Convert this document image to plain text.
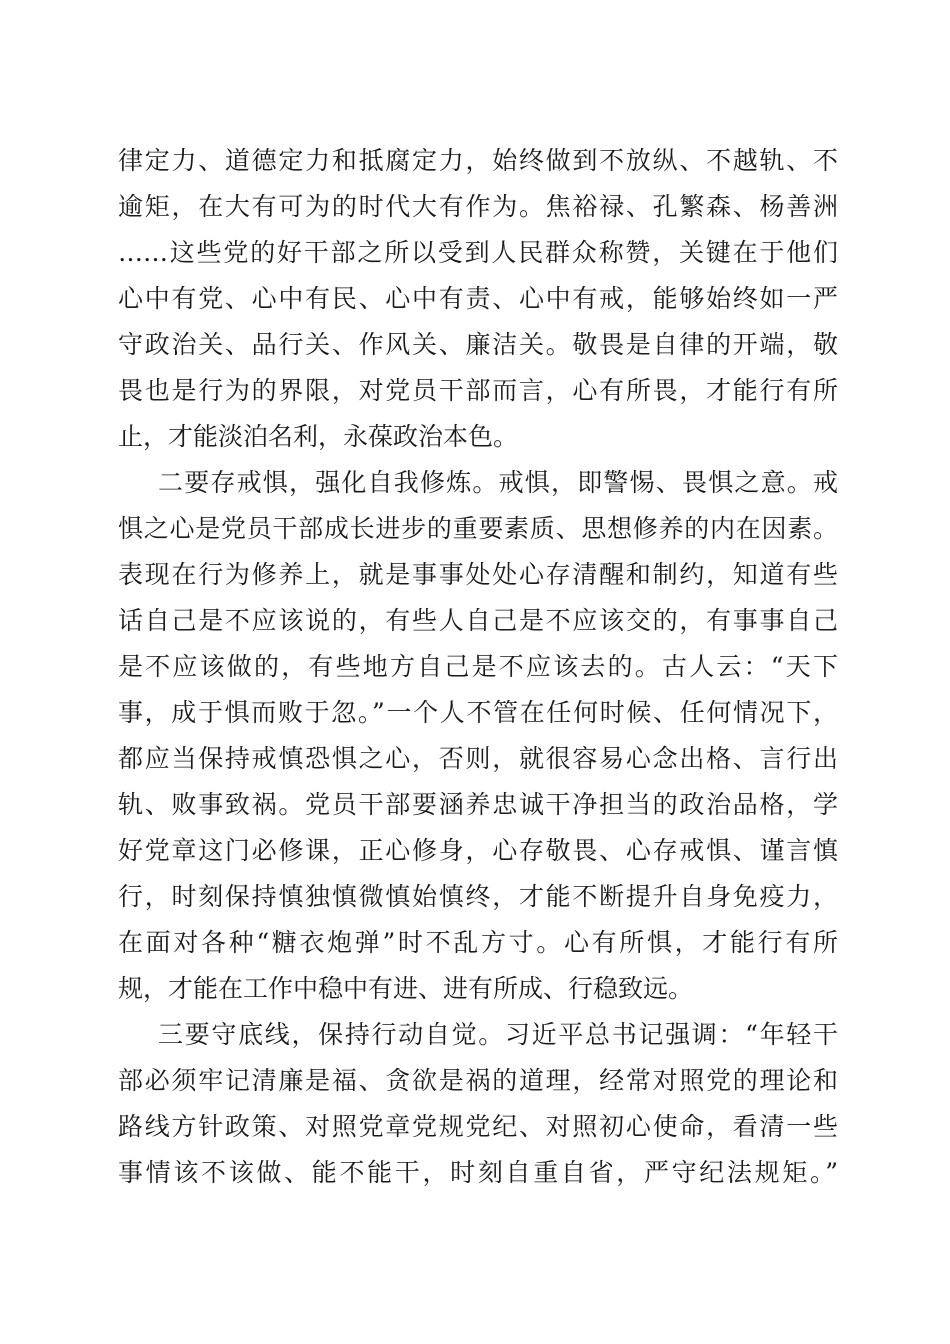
律定力、道德定力和抵腐定力，始终做到不放纵、不越轨、不
逾矩，在大有可为的时代大有作为。焦裕禄、孔繁森、杨善洲
……这些党的好干部之所以受到人民群众称赞，关键在于他们
心中有党、心中有民、心中有责、心中有戒，能够始终如一严
守政治关、品行关、作风关、廉洁关。敬畏是自律的开端，敬
畏也是行为的界限，对党员干部而言，心有所畏，才能行有所
止，才能淡泊名利，永葆政治本色。
二要存戒惧，强化自我修炼。戒惧，即警惕、畏惧之意。戒
惧之心是党员干部成长进步的重要素质、思想修养的内在因素。
表现在行为修养上，就是事事处处心存清醒和制约，知道有些
话自己是不应该说的，有些人自己是不应该交的，有事事自己
是不应该做的，有些地方自己是不应该去的。古人云：“天下
事，成于惧而败于忽。”一个人不管在任何时候、任何情况下，
都应当保持戒慎恐惧之心，否则，就很容易心念出格、言行出
轨、败事致祸。党员干部要涵养忠诚干净担当的政治品格，学
好党章这门必修课，正心修身，心存敬畏、心存戒惧、谨言慎
行，时刻保持慎独慎微慎始慎终，才能不断提升自身免疫力，
在面对各种“糖衣炮弹”时不乱方寸。心有所惧，才能行有所
规，才能在工作中稳中有进、进有所成、行稳致远。
三要守底线，保持行动自觉。习近平总书记强调：“年轻干
部必须牢记清廉是福、贪欲是祸的道理，经常对照党的理论和
路线方针政策、对照党章党规党纪、对照初心使命，看清一些
事情该不该做、能不能干，时刻自重自省，严守纪法规矩。”
